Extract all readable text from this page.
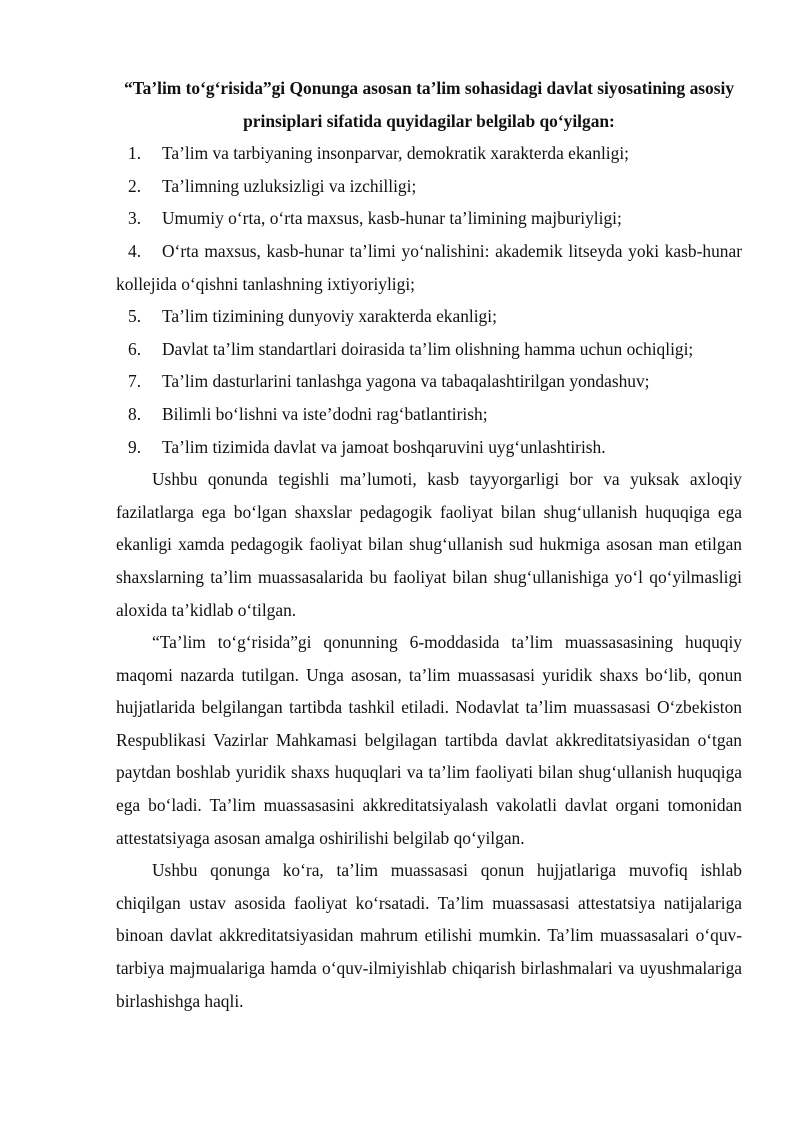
“Ta’lim to‘g‘risida”gi Qonunga asosan ta’lim sohasidagi davlat siyosatining asosiy prinsiplari sifatida quyidagilar belgilab qo‘yilgan:

1. Ta’lim va tarbiyaning insonparvar, demokratik xarakterda ekanligi;
2. Ta’limning uzluksizligi va izchilligi;
3. Umumiy o‘rta, o‘rta maxsus, kasb-hunar ta’limining majburiyligi;
4. O‘rta maxsus, kasb-hunar ta’limi yo‘nalishini: akademik litseyda yoki kasb-hunar kollejida o‘qishni tanlashning ixtiyoriyligi;
5. Ta’lim tizimining dunyoviy xarakterda ekanligi;
6. Davlat ta’lim standartlari doirasida ta’lim olishning hamma uchun ochiqligi;
7. Ta’lim dasturlarini tanlashga yagona va tabaqalashtirilgan yondashuv;
8. Bilimli bo‘lishni va iste’dodni rag‘batlantirish;
9. Ta’lim tizimida davlat va jamoat boshqaruvini uyg‘unlashtirish.

Ushbu qonunda tegishli ma’lumoti, kasb tayyorgarligi bor va yuksak axloqiy fazilatlarga ega bo‘lgan shaxslar pedagogik faoliyat bilan shug‘ullanish huquqiga ega ekanligi xamda pedagogik faoliyat bilan shug‘ullanish sud hukmiga asosan man etilgan shaxslarning ta’lim muassasalarida bu faoliyat bilan shug‘ullanishiga yo‘l qo‘yilmasligi aloxida ta’kidlab o‘tilgan.

“Ta’lim to‘g‘risida”gi qonunning 6-moddasida ta’lim muassasasining huquqiy maqomi nazarda tutilgan. Unga asosan, ta’lim muassasasi yuridik shaxs bo‘lib, qonun hujjatlarida belgilangan tartibda tashkil etiladi. Nodavlat ta’lim muassasasi O‘zbekiston Respublikasi Vazirlar Mahkamasi belgilagan tartibda davlat akkreditatsiyasidan o‘tgan paytdan boshlab yuridik shaxs huquqlari va ta’lim faoliyati bilan shug‘ullanish huquqiga ega bo‘ladi. Ta’lim muassasasini akkreditatsiyalash vakolatli davlat organi tomonidan attestatsiyaga asosan amalga oshirilishi belgilab qo‘yilgan.

Ushbu qonunga ko‘ra, ta’lim muassasasi qonun hujjatlariga muvofiq ishlab chiqilgan ustav asosida faoliyat ko‘rsatadi. Ta’lim muassasasi attestatsiya natijalariga binoan davlat akkreditatsiyasidan mahrum etilishi mumkin. Ta’lim muassasalari o‘quv-tarbiya majmualariga hamda o‘quv-ilmiyishlab chiqarish birlashmalari va uyushmalariga birlashishga haqli.
